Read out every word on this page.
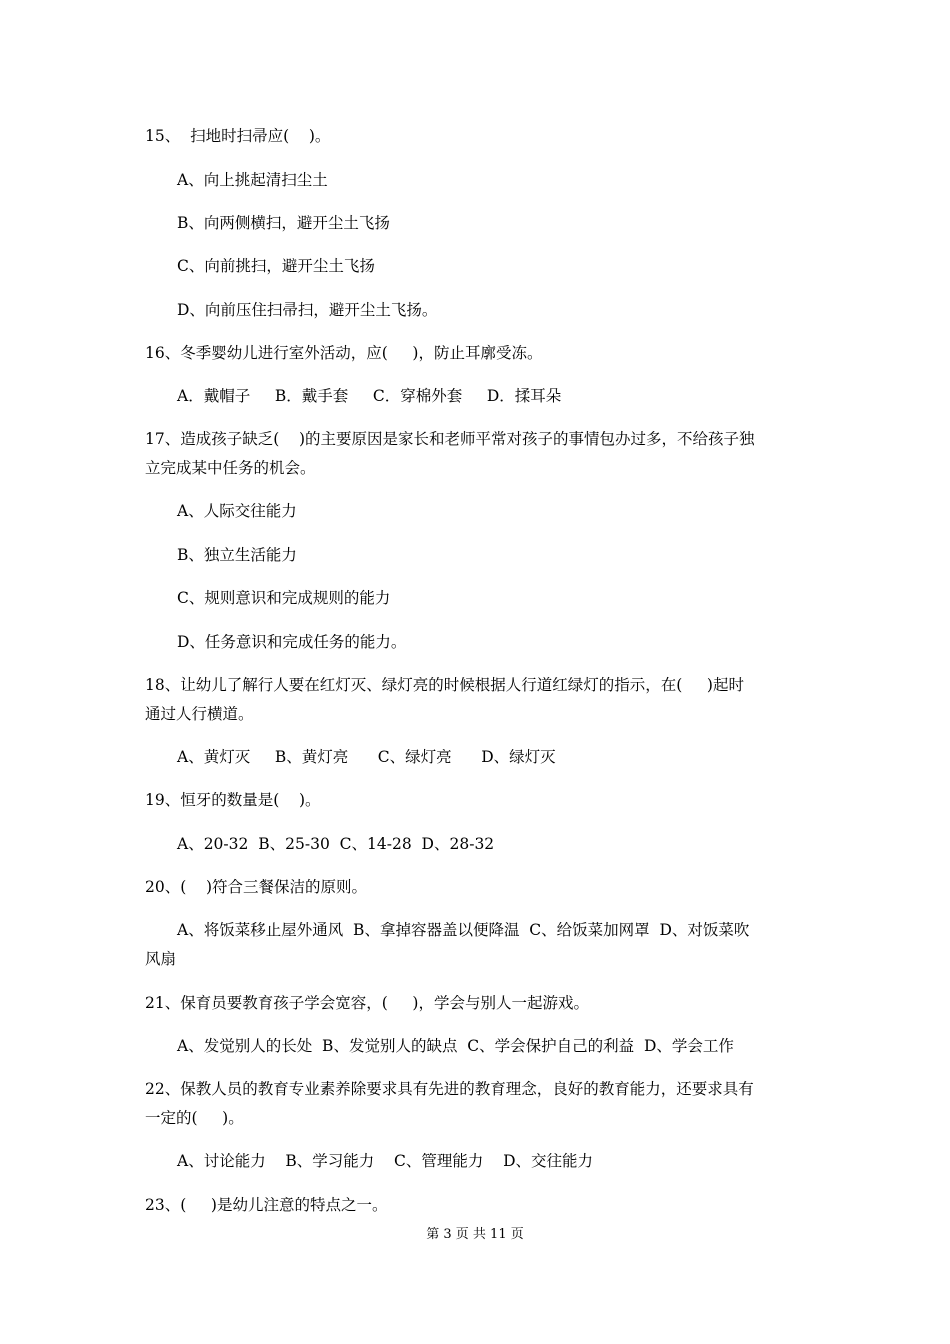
15、  扫地时扫帚应(    )。
A、向上挑起清扫尘土
B、向两侧横扫，避开尘土飞扬
C、向前挑扫，避开尘土飞扬
D、向前压住扫帚扫，避开尘土飞扬。
16、冬季婴幼儿进行室外活动，应(     )，防止耳廓受冻。
A．戴帽子     B．戴手套     C．穿棉外套     D．揉耳朵
17、造成孩子缺乏(    )的主要原因是家长和老师平常对孩子的事情包办过多，不给孩子独
立完成某中任务的机会。
A、人际交往能力
B、独立生活能力
C、规则意识和完成规则的能力
D、任务意识和完成任务的能力。
18、让幼儿了解行人要在红灯灭、绿灯亮的时候根据人行道红绿灯的指示，在(     )起时
通过人行横道。
A、黄灯灭     B、黄灯亮      C、绿灯亮      D、绿灯灭
19、恒牙的数量是(    )。
A、20-32  B、25-30  C、14-28  D、28-32
20、(    )符合三餐保洁的原则。
A、将饭菜移止屋外通风  B、拿掉容器盖以便降温  C、给饭菜加网罩  D、对饭菜吹
风扇
21、保育员要教育孩子学会宽容，(     )，学会与别人一起游戏。
A、发觉别人的长处  B、发觉别人的缺点  C、学会保护自己的利益  D、学会工作
22、保教人员的教育专业素养除要求具有先进的教育理念，良好的教育能力，还要求具有
一定的(     )。
A、讨论能力    B、学习能力    C、管理能力    D、交往能力
23、(     )是幼儿注意的特点之一。
第 3 页 共 11 页
